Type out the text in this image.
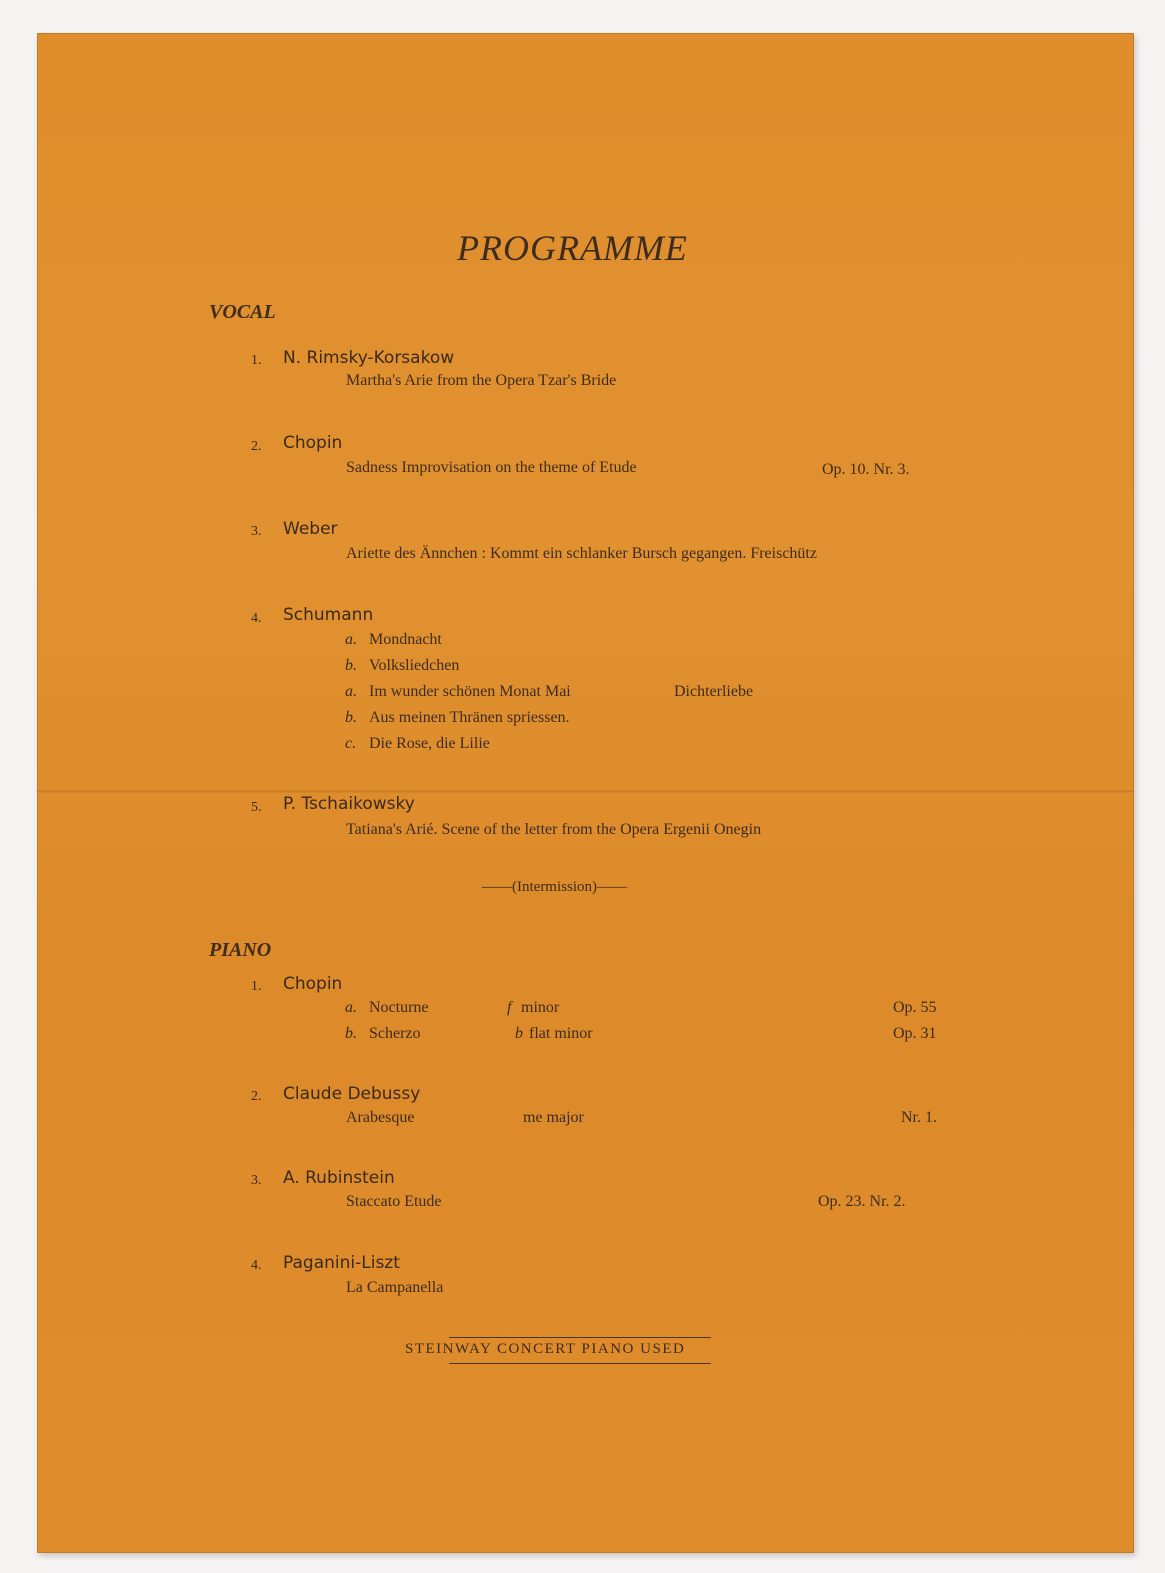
PROGRAMME
VOCAL
1. N. Rimsky-Korsakow
Martha's Arie from the Opera Tzar's Bride
2. Chopin
Sadness Improvisation on the theme of Etude	Op. 10. Nr. 3.
3. Weber
Ariette des Ännchen : Kommt ein schlanker Bursch gegangen. Freischütz
4. Schumann
a. Mondnacht
b. Volksliedchen
a. Im wunder schönen Monat Mai	Dichterliebe
b. Aus meinen Thränen spriessen.
c. Die Rose, die Lilie
5. P. Tschaikowsky
Tatiana's Arié. Scene of the letter from the Opera Ergenii Onegin
——(Intermission)——
PIANO
1. Chopin
a. Nocturne	f minor	Op. 55
b. Scherzo	b flat minor	Op. 31
2. Claude Debussy
Arabesque	me major	Nr. 1.
3. A. Rubinstein
Staccato Etude	Op. 23. Nr. 2.
4. Paganini-Liszt
La Campanella
STEINWAY CONCERT PIANO USED
